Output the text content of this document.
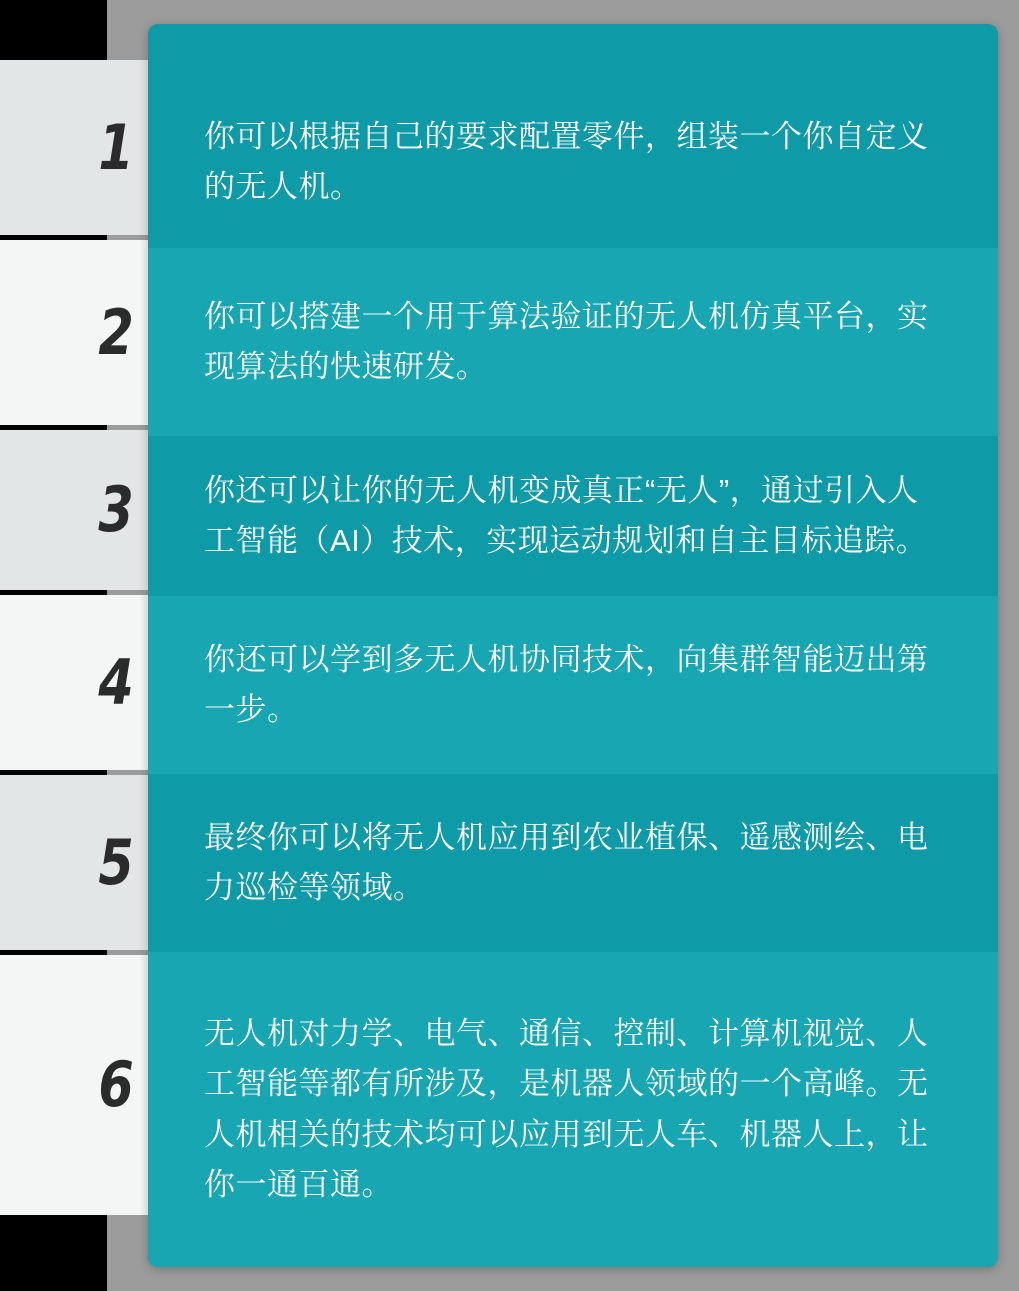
1
2
3
4
5
6

你可以根据自己的要求配置零件，组装一个你自定义的无人机。

你可以搭建一个用于算法验证的无人机仿真平台，实现算法的快速研发。

你还可以让你的无人机变成真正“无人”，通过引入人工智能（AI）技术，实现运动规划和自主目标追踪。

你还可以学到多无人机协同技术，向集群智能迈出第一步。

最终你可以将无人机应用到农业植保、遥感测绘、电力巡检等领域。

无人机对力学、电气、通信、控制、计算机视觉、人工智能等都有所涉及，是机器人领域的一个高峰。无人机相关的技术均可以应用到无人车、机器人上，让你一通百通。
